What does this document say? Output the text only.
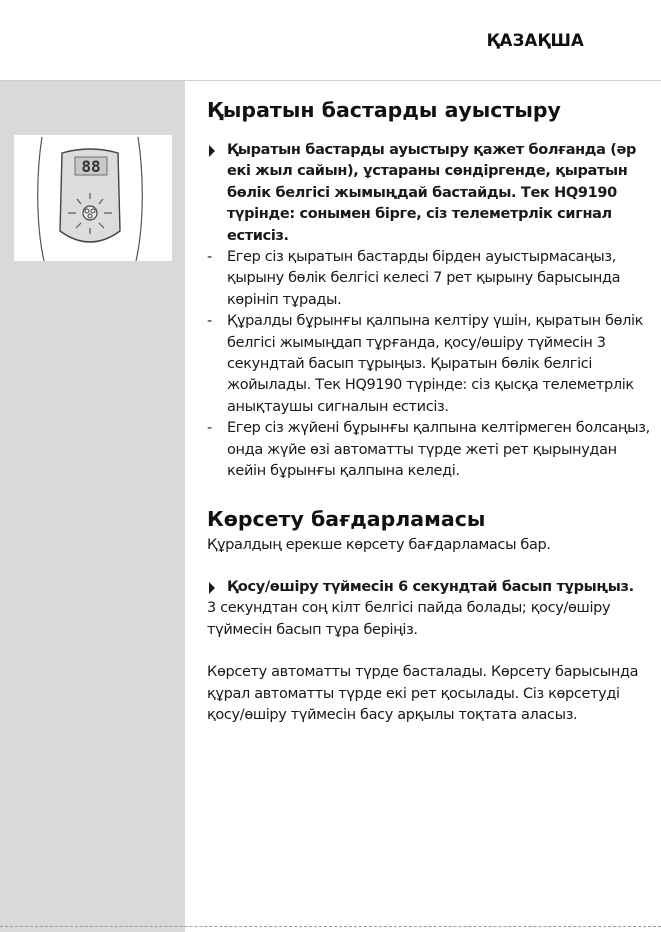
ҚАЗАҚША
88
Қыратын бастарды ауыстыру

Қыратын бастарды ауыстыру қажет болғанда (әр екі жыл сайын), ұстараны сөндіргенде, қыратын бөлік белгісі жымыңдай бастайды. Тек HQ9190 түрінде: сонымен бірге, сіз телеметрлік сигнал естисіз.

- Егер сіз қыратын бастарды бірден ауыстырмасаңыз, қырыну бөлік белгісі келесі 7 рет қырыну барысында көрініп тұрады.
- Құралды бұрынғы қалпына келтіру үшін, қыратын бөлік белгісі жымыңдап тұрғанда, қосу/өшіру түймесін 3 секундтай басып тұрыңыз. Қыратын бөлік белгісі жойылады. Тек HQ9190 түрінде: сіз қысқа телеметрлік анықтаушы сигналын естисіз.
- Егер сіз жүйені бұрынғы қалпына келтірмеген болсаңыз, онда жүйе өзі автоматты түрде жеті рет қырынудан кейін бұрынғы қалпына келеді.
Көрсету бағдарламасы

Құралдың ерекше көрсету бағдарламасы бар.

Қосу/өшіру түймесін 6 секундтай басып тұрыңыз.

3 секундтан соң кілт белгісі пайда болады; қосу/өшіру түймесін басып тұра беріңіз.

Көрсету автоматты түрде басталады. Көрсету барысында құрал автоматты түрде екі рет қосылады. Сіз көрсетуді қосу/өшіру түймесін басу арқылы тоқтата аласыз.
